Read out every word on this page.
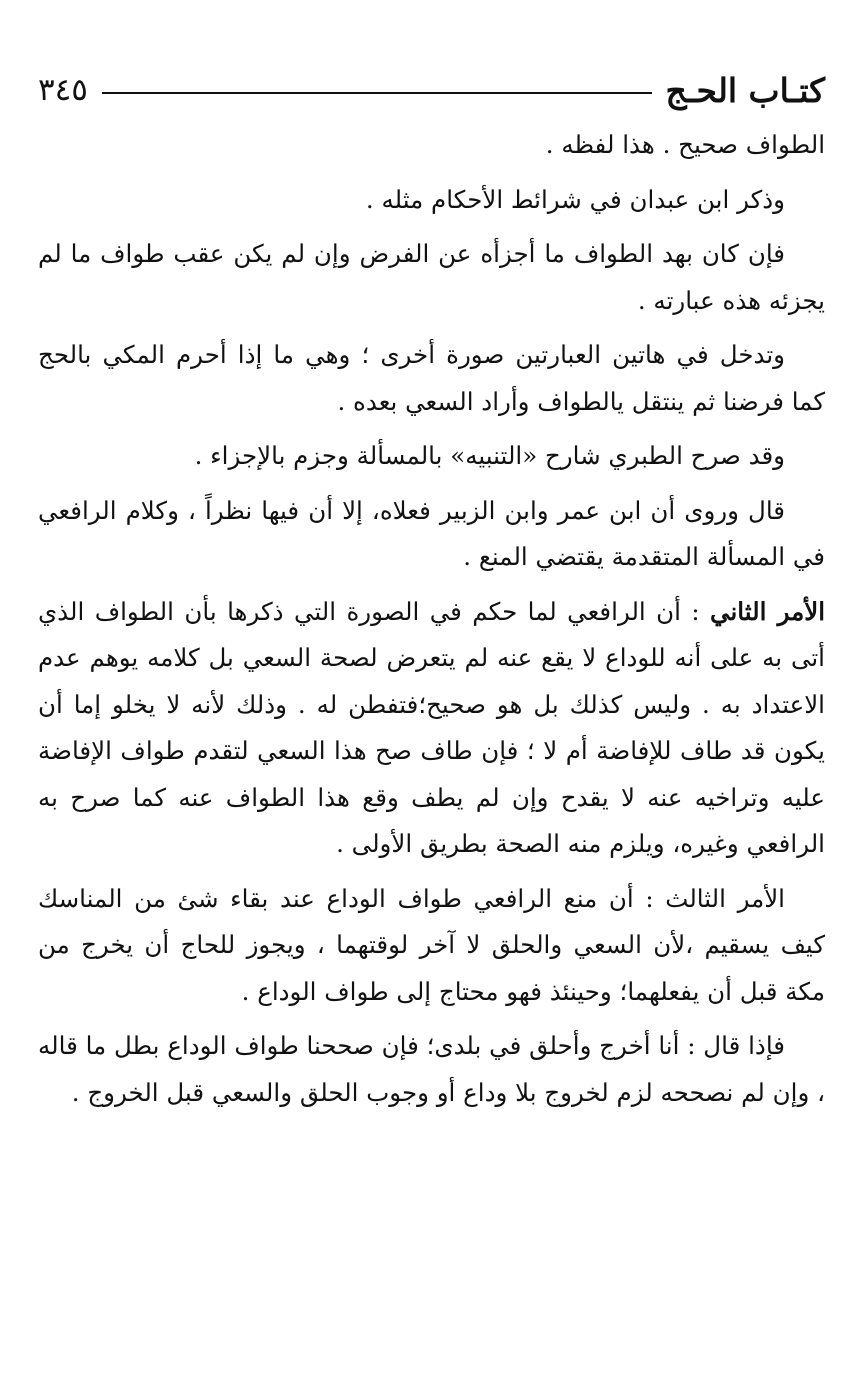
كتـاب الحـج
٣٤٥

الطواف صحيح . هذا لفظه .

وذكر ابن عبدان في شرائط الأحكام مثله .

فإن كان بهد الطواف ما أجزأه عن الفرض وإن لم يكن عقب طواف ما لم يجزئه هذه عبارته .

وتدخل في هاتين العبارتين صورة أخرى ؛ وهي ما إذا أحرم المكي بالحج كما فرضنا ثم ينتقل يالطواف وأراد السعي بعده .

وقد صرح الطبري شارح «التنبيه» بالمسألة وجزم بالإجزاء .

قال وروى أن ابن عمر وابن الزبير فعلاه، إلا أن فيها نظراً ، وكلام الرافعي في المسألة المتقدمة يقتضي المنع .

الأمر الثاني : أن الرافعي لما حكم في الصورة التي ذكرها بأن الطواف الذي أتى به على أنه للوداع لا يقع عنه لم يتعرض لصحة السعي بل كلامه يوهم عدم الاعتداد به . وليس كذلك بل هو صحيح؛فتفطن له . وذلك لأنه لا يخلو إما أن يكون قد طاف للإفاضة أم لا ؛ فإن طاف صح هذا السعي لتقدم طواف الإفاضة عليه وتراخيه عنه لا يقدح وإن لم يطف وقع هذا الطواف عنه كما صرح به الرافعي وغيره، ويلزم منه الصحة بطريق الأولى .

الأمر الثالث : أن منع الرافعي طواف الوداع عند بقاء شئ من المناسك كيف يسقيم ،لأن السعي والحلق لا آخر لوقتهما ، ويجوز للحاج أن يخرج من مكة قبل أن يفعلهما؛ وحينئذ فهو محتاج إلى طواف الوداع .

فإذا قال : أنا أخرج وأحلق في بلدى؛ فإن صححنا طواف الوداع بطل ما قاله ، وإن لم نصححه لزم لخروج بلا وداع أو وجوب الحلق والسعي قبل الخروج .
